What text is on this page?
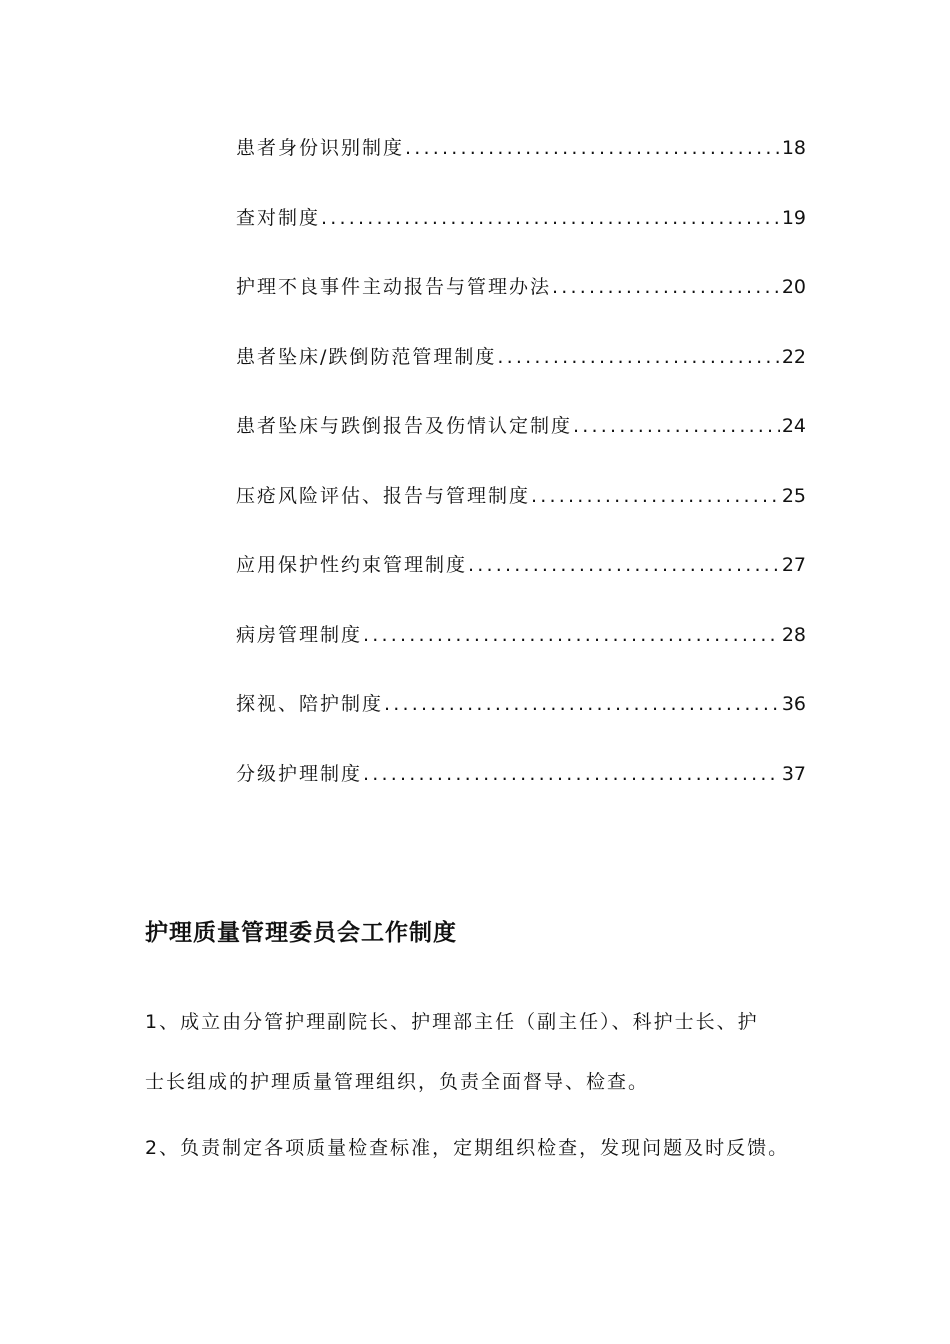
患者身份识别制度 .....	18
查对制度 .....	19
护理不良事件主动报告与管理办法 .....	20
患者坠床/跌倒防范管理制度 .....	22
患者坠床与跌倒报告及伤情认定制度 .....	24
压疮风险评估、报告与管理制度 .....	25
应用保护性约束管理制度 .....	27
病房管理制度 .....	28
探视、陪护制度 .....	36
分级护理制度 .....	37
护理质量管理委员会工作制度
1、成立由分管护理副院长、护理部主任（副主任）、科护士长、护
士长组成的护理质量管理组织，负责全面督导、检查。
2、负责制定各项质量检查标准，定期组织检查，发现问题及时反馈。
